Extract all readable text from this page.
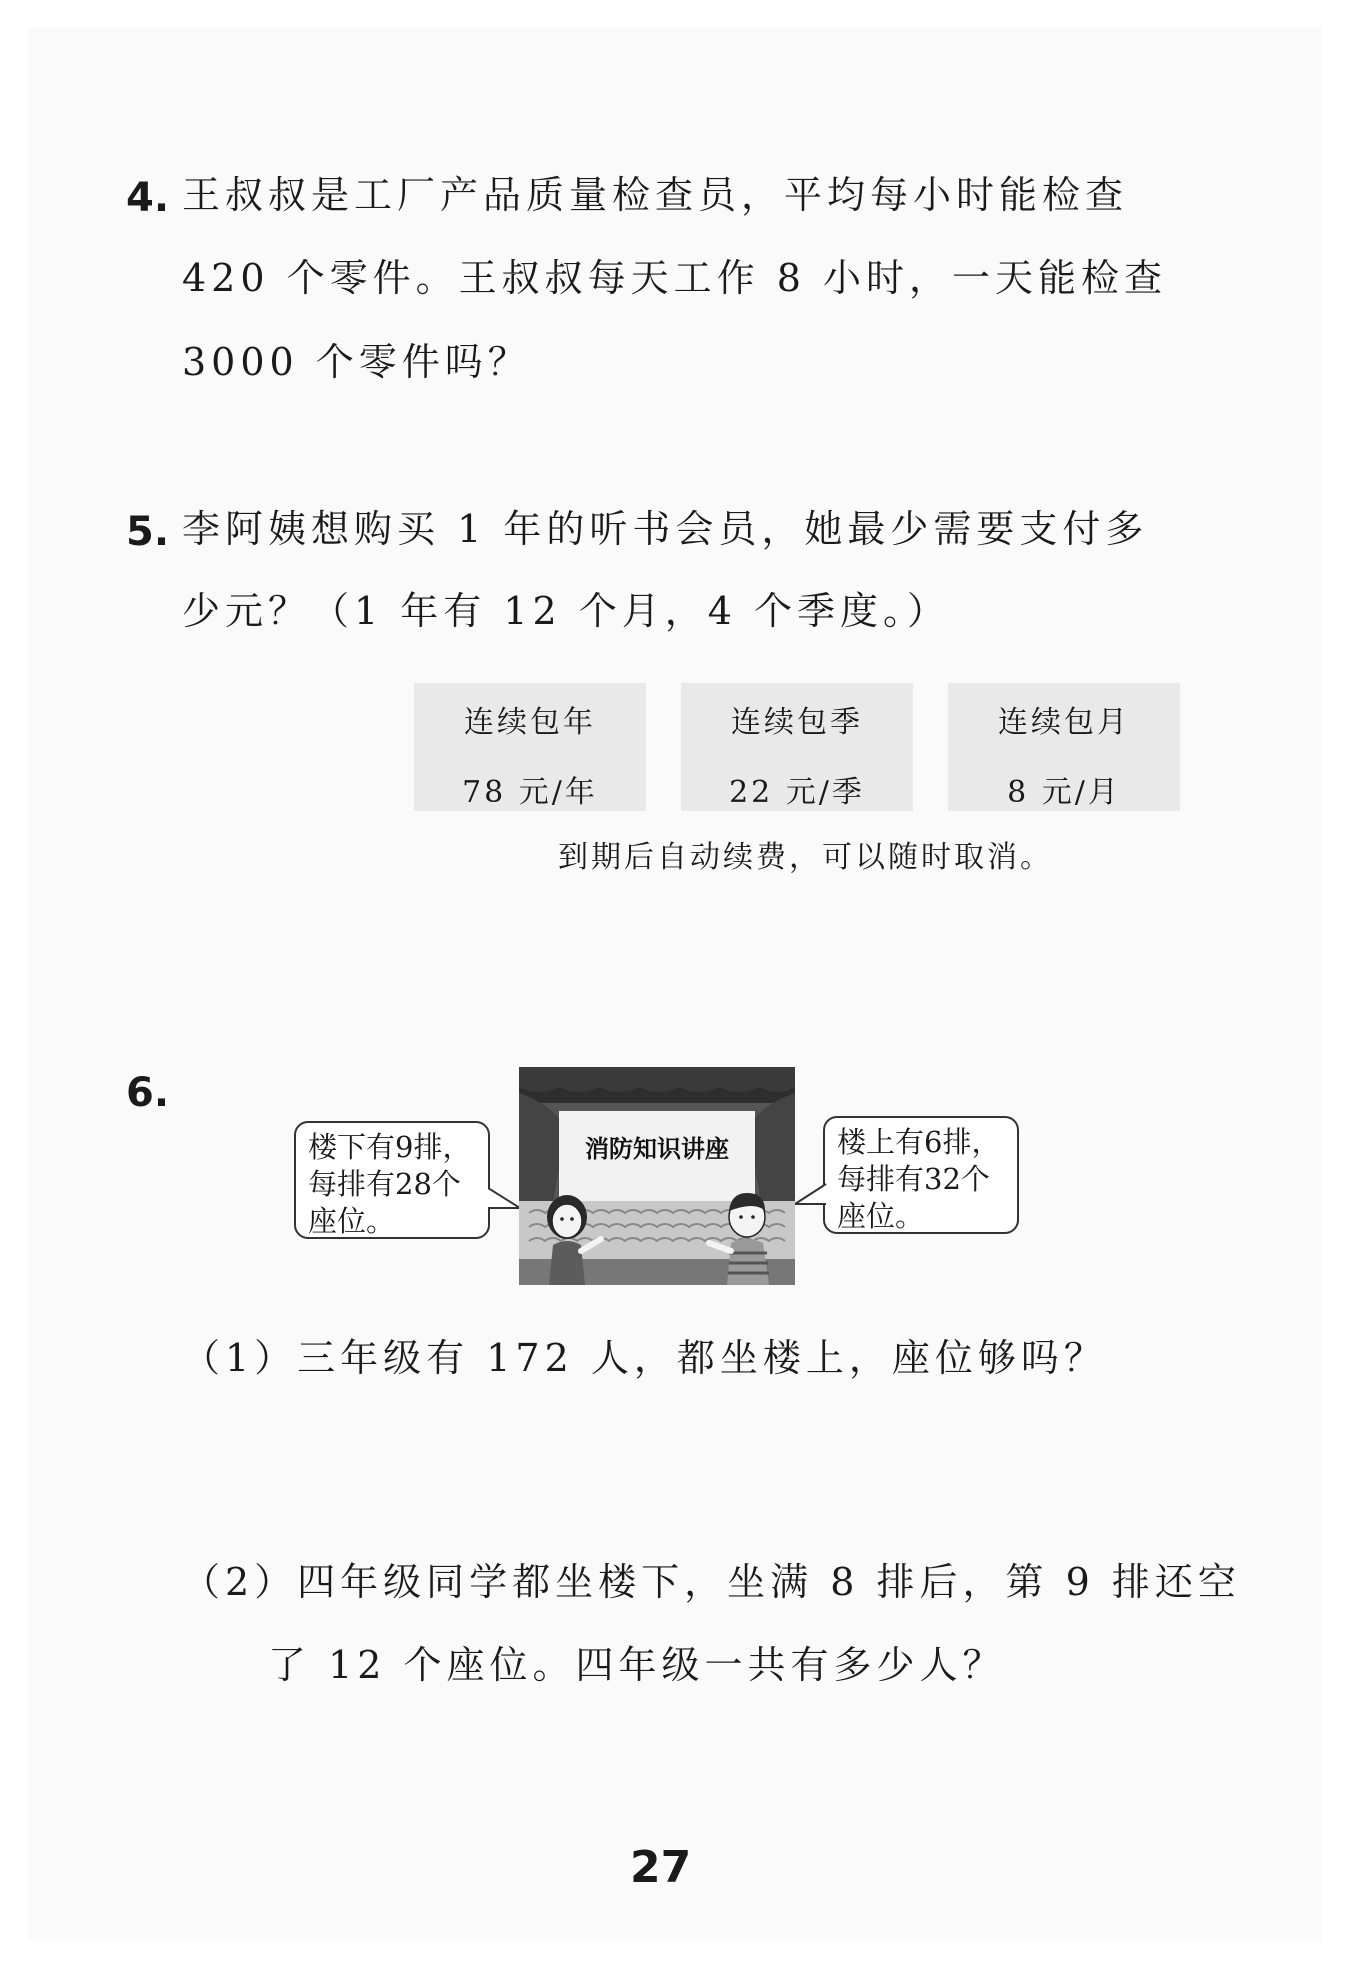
4. 王叔叔是工厂产品质量检查员，平均每小时能检查
420 个零件。王叔叔每天工作 8 小时，一天能检查
3000 个零件吗？
5. 李阿姨想购买 1 年的听书会员，她最少需要支付多
少元？（1 年有 12 个月，4 个季度。）
连续包年
78 元/年
连续包季
22 元/季
连续包月
8 元/月
到期后自动续费，可以随时取消。
6.
楼下有9排，
每排有28个
座位。
楼上有6排，
每排有32个
座位。
消防知识讲座
（1）三年级有 172 人，都坐楼上，座位够吗？
（2）四年级同学都坐楼下，坐满 8 排后，第 9 排还空
了 12 个座位。四年级一共有多少人？
27
